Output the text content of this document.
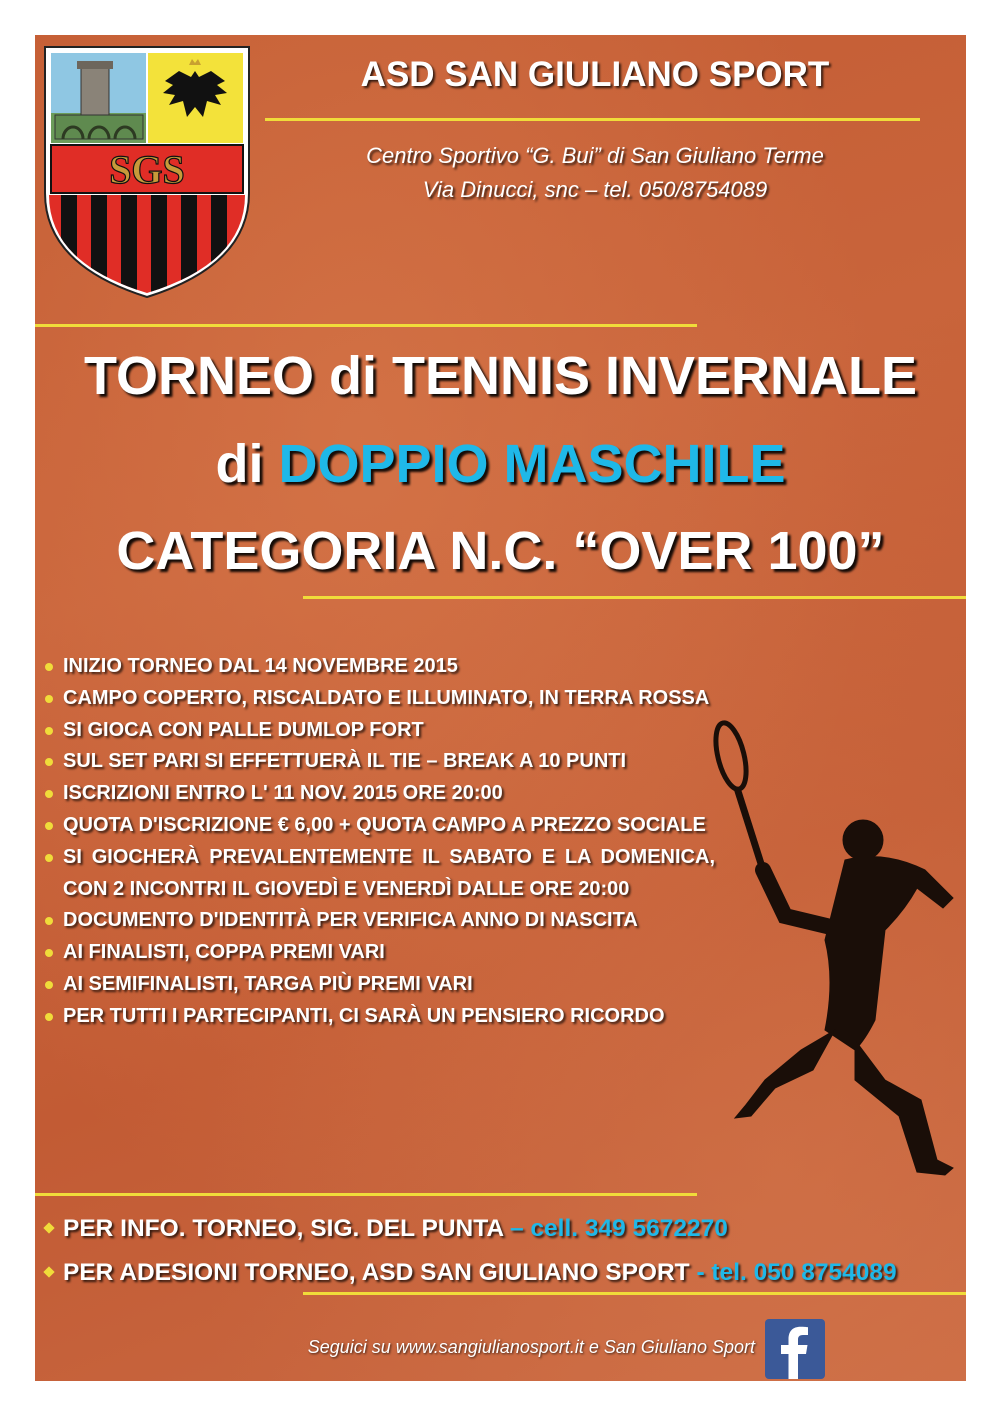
SGS
ASD SAN GIULIANO SPORT
Centro Sportivo “G. Bui” di San Giuliano Terme
Via Dinucci, snc – tel. 050/8754089
TORNEO di TENNIS INVERNALE
di DOPPIO MASCHILE
CATEGORIA N.C. “OVER 100”
INIZIO TORNEO DAL 14 NOVEMBRE 2015
CAMPO COPERTO, RISCALDATO E ILLUMINATO, IN TERRA ROSSA
SI GIOCA CON PALLE DUMLOP FORT
SUL SET PARI SI EFFETTUERÀ IL TIE – BREAK A 10 PUNTI
ISCRIZIONI ENTRO L' 11 NOV. 2015 ORE 20:00
QUOTA D'ISCRIZIONE € 6,00 + QUOTA CAMPO A PREZZO SOCIALE
SI GIOCHERÀ PREVALENTEMENTE IL SABATO E LA DOMENICA, CON 2 INCONTRI IL GIOVEDÌ E VENERDÌ DALLE ORE 20:00
DOCUMENTO D'IDENTITÀ PER VERIFICA ANNO DI NASCITA
AI FINALISTI, COPPA PREMI VARI
AI SEMIFINALISTI, TARGA PIÙ PREMI VARI
PER TUTTI I PARTECIPANTI, CI SARÀ UN PENSIERO RICORDO
PER INFO. TORNEO, SIG. DEL PUNTA – cell. 349 5672270
PER ADESIONI TORNEO, ASD SAN GIULIANO SPORT - tel. 050 8754089
Seguici su www.sangiulianosport.it e San Giuliano Sport
